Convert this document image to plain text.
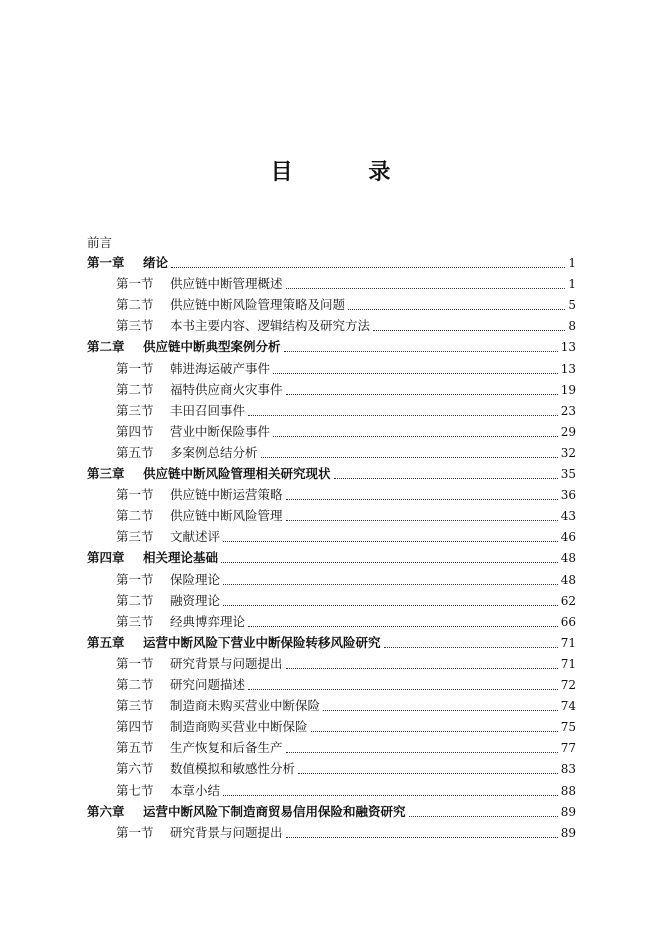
目 录
前言
第一章	绪论	1
第一节	供应链中断管理概述	1
第二节	供应链中断风险管理策略及问题	5
第三节	本书主要内容、逻辑结构及研究方法	8
第二章	供应链中断典型案例分析	13
第一节	韩进海运破产事件	13
第二节	福特供应商火灾事件	19
第三节	丰田召回事件	23
第四节	营业中断保险事件	29
第五节	多案例总结分析	32
第三章	供应链中断风险管理相关研究现状	35
第一节	供应链中断运营策略	36
第二节	供应链中断风险管理	43
第三节	文献述评	46
第四章	相关理论基础	48
第一节	保险理论	48
第二节	融资理论	62
第三节	经典博弈理论	66
第五章	运营中断风险下营业中断保险转移风险研究	71
第一节	研究背景与问题提出	71
第二节	研究问题描述	72
第三节	制造商未购买营业中断保险	74
第四节	制造商购买营业中断保险	75
第五节	生产恢复和后备生产	77
第六节	数值模拟和敏感性分析	83
第七节	本章小结	88
第六章	运营中断风险下制造商贸易信用保险和融资研究	89
第一节	研究背景与问题提出	89
